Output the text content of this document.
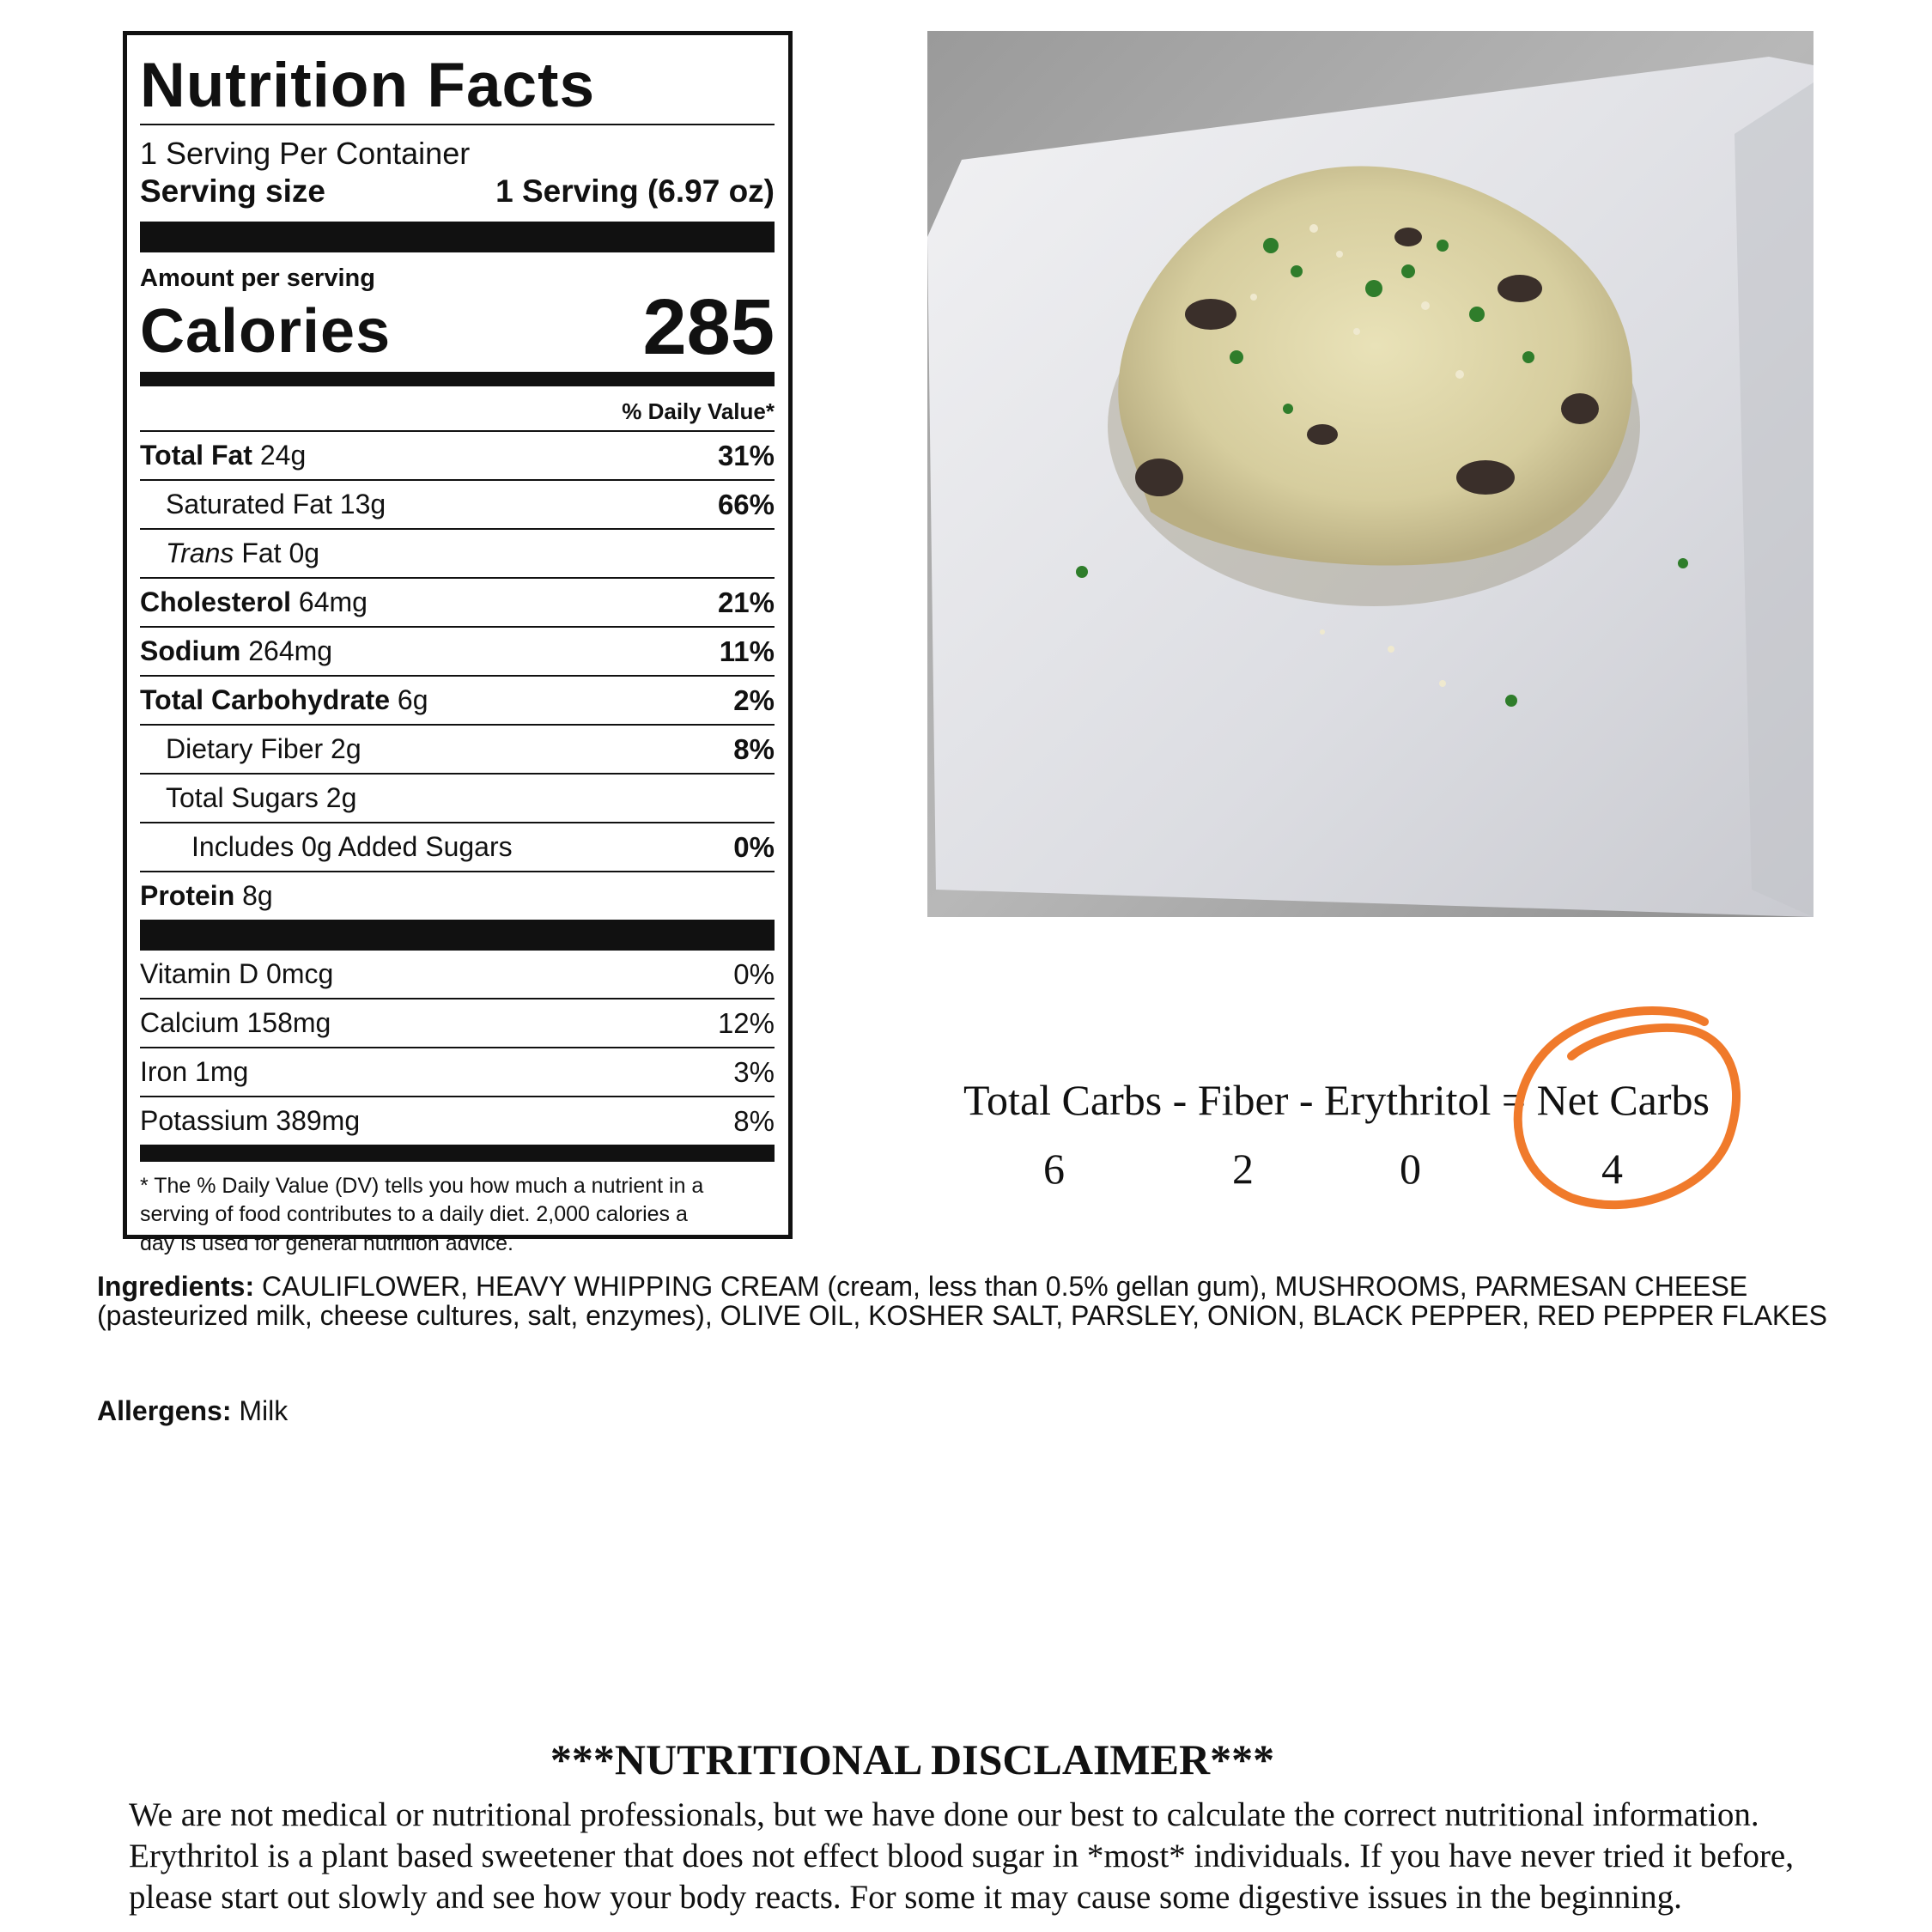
Nutrition Facts
1 Serving Per Container
Serving size	1 Serving (6.97 oz)
Amount per serving
Calories	285
% Daily Value*
Total Fat 24g	31%
Saturated Fat 13g	66%
Trans Fat 0g
Cholesterol 64mg	21%
Sodium 264mg	11%
Total Carbohydrate 6g	2%
Dietary Fiber 2g	8%
Total Sugars 2g
Includes 0g Added Sugars	0%
Protein 8g
Vitamin D 0mcg	0%
Calcium 158mg	12%
Iron 1mg	3%
Potassium 389mg	8%
* The % Daily Value (DV) tells you how much a nutrient in a
serving of food contributes to a daily diet. 2,000 calories a
day is used for general nutrition advice.
Total Carbs - Fiber - Erythritol = Net Carbs
6	2	0	4
Ingredients: CAULIFLOWER, HEAVY WHIPPING CREAM (cream, less than 0.5% gellan gum), MUSHROOMS, PARMESAN CHEESE (pasteurized milk, cheese cultures, salt, enzymes), OLIVE OIL, KOSHER SALT, PARSLEY, ONION, BLACK PEPPER, RED PEPPER FLAKES
Allergens: Milk
***NUTRITIONAL DISCLAIMER***
We are not medical or nutritional professionals, but we have done our best to calculate the correct nutritional information.
Erythritol is a plant based sweetener that does not effect blood sugar in *most* individuals. If you have never tried it before,
please start out slowly and see how your body reacts. For some it may cause some digestive issues in the beginning.
